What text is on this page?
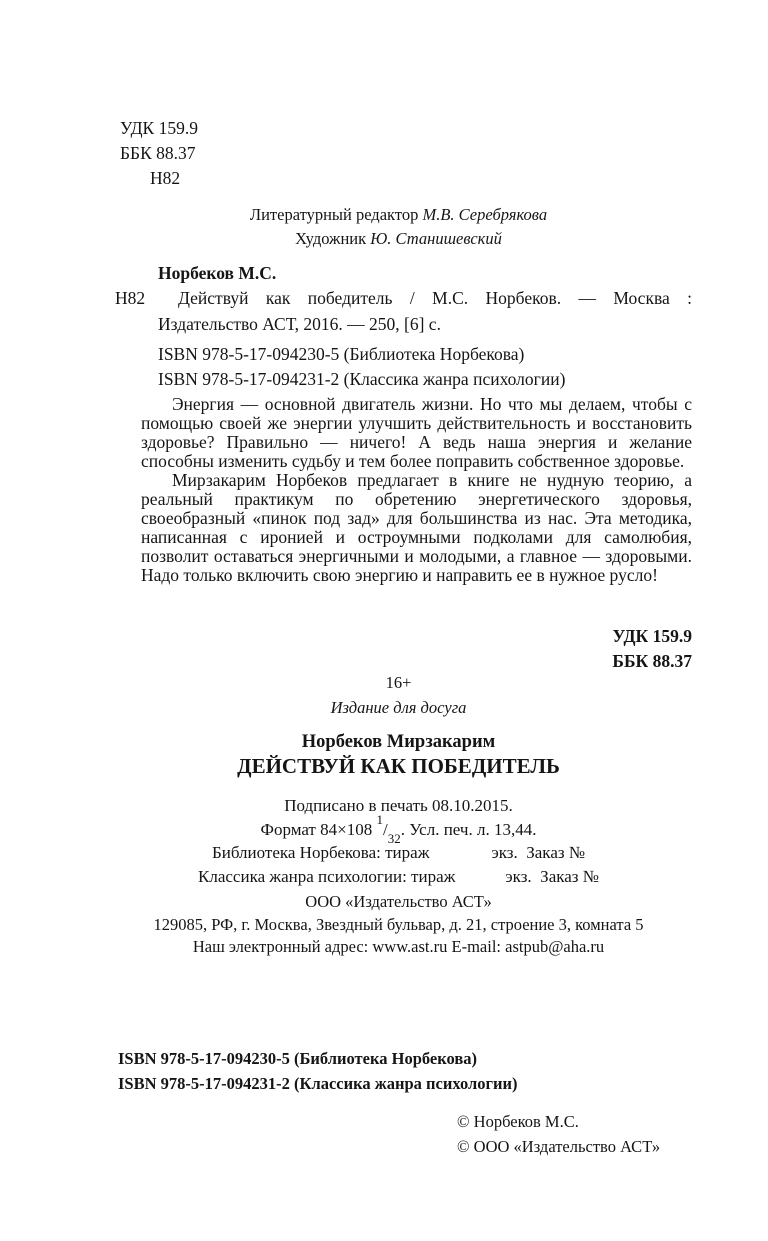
УДК 159.9
ББК 88.37
Н82
Литературный редактор М.В. Серебрякова
Художник Ю. Станишевский
Н82
Норбеков М.С.
Действуй как победитель / М.С. Норбеков. — Москва :
Издательство АСТ, 2016. — 250, [6] с.
ISBN 978-5-17-094230-5 (Библиотека Норбекова)
ISBN 978-5-17-094231-2 (Классика жанра психологии)

Энергия — основной двигатель жизни. Но что мы делаем, чтобы с помощью своей же энергии улучшить действительность и восстановить здоровье? Правильно — ничего! А ведь наша энергия и желание способны изменить судьбу и тем более поправить собственное здоровье.

Мирзакарим Норбеков предлагает в книге не нудную теорию, а реальный практикум по обретению энергетического здоровья, своеобразный «пинок под зад» для большинства из нас. Эта методика, написанная с иронией и остроумными подколами для самолюбия, позволит оставаться энергичными и молодыми, а главное — здоровыми. Надо только включить свою энергию и направить ее в нужное русло!

УДК 159.9
ББК 88.37
16+
Издание для досуга
Норбеков Мирзакарим
ДЕЙСТВУЙ КАК ПОБЕДИТЕЛЬ
Подписано в печать 08.10.2015.
Формат 84×108 $^1/_{32}$. Усл. печ. л. 13,44.
Библиотека Норбекова: тираж	экз.  Заказ №
Классика жанра психологии: тираж	экз.  Заказ №
ООО «Издательство АСТ»
129085, РФ, г. Москва, Звездный бульвар, д. 21, строение 3, комната 5
Наш электронный адрес: www.ast.ru E-mail: astpub@aha.ru
ISBN 978-5-17-094230-5 (Библиотека Норбекова)
ISBN 978-5-17-094231-2 (Классика жанра психологии)
© Норбеков М.С.
© ООО «Издательство АСТ»
